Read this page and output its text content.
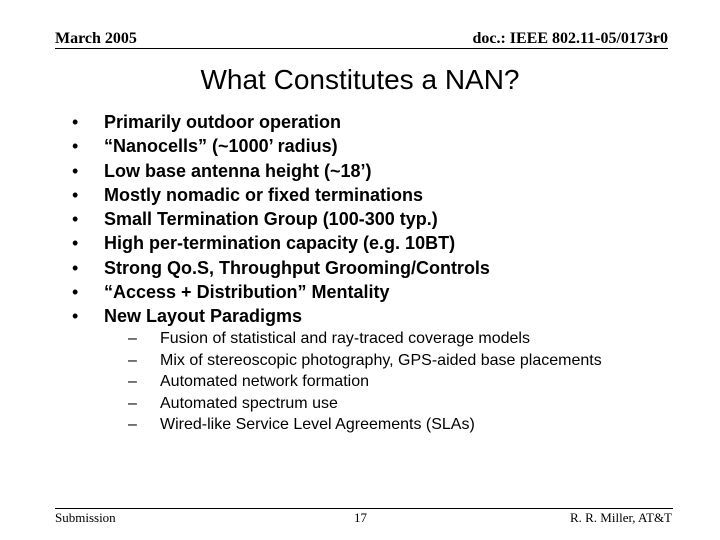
March 2005	doc.: IEEE 802.11-05/0173r0
What Constitutes a NAN?
•	Primarily outdoor operation
•	“Nanocells” (~1000’ radius)
•	Low base antenna height (~18’)
•	Mostly nomadic or fixed terminations
•	Small Termination Group (100-300 typ.)
•	High per-termination capacity (e.g. 10BT)
•	Strong Qo.S, Throughput Grooming/Controls
•	“Access + Distribution” Mentality
•	New Layout Paradigms
–	Fusion of statistical and ray-traced coverage models
–	Mix of stereoscopic photography, GPS-aided base placements
–	Automated network formation
–	Automated spectrum use
–	Wired-like Service Level Agreements (SLAs)
Submission	17	R. R. Miller, AT&T
